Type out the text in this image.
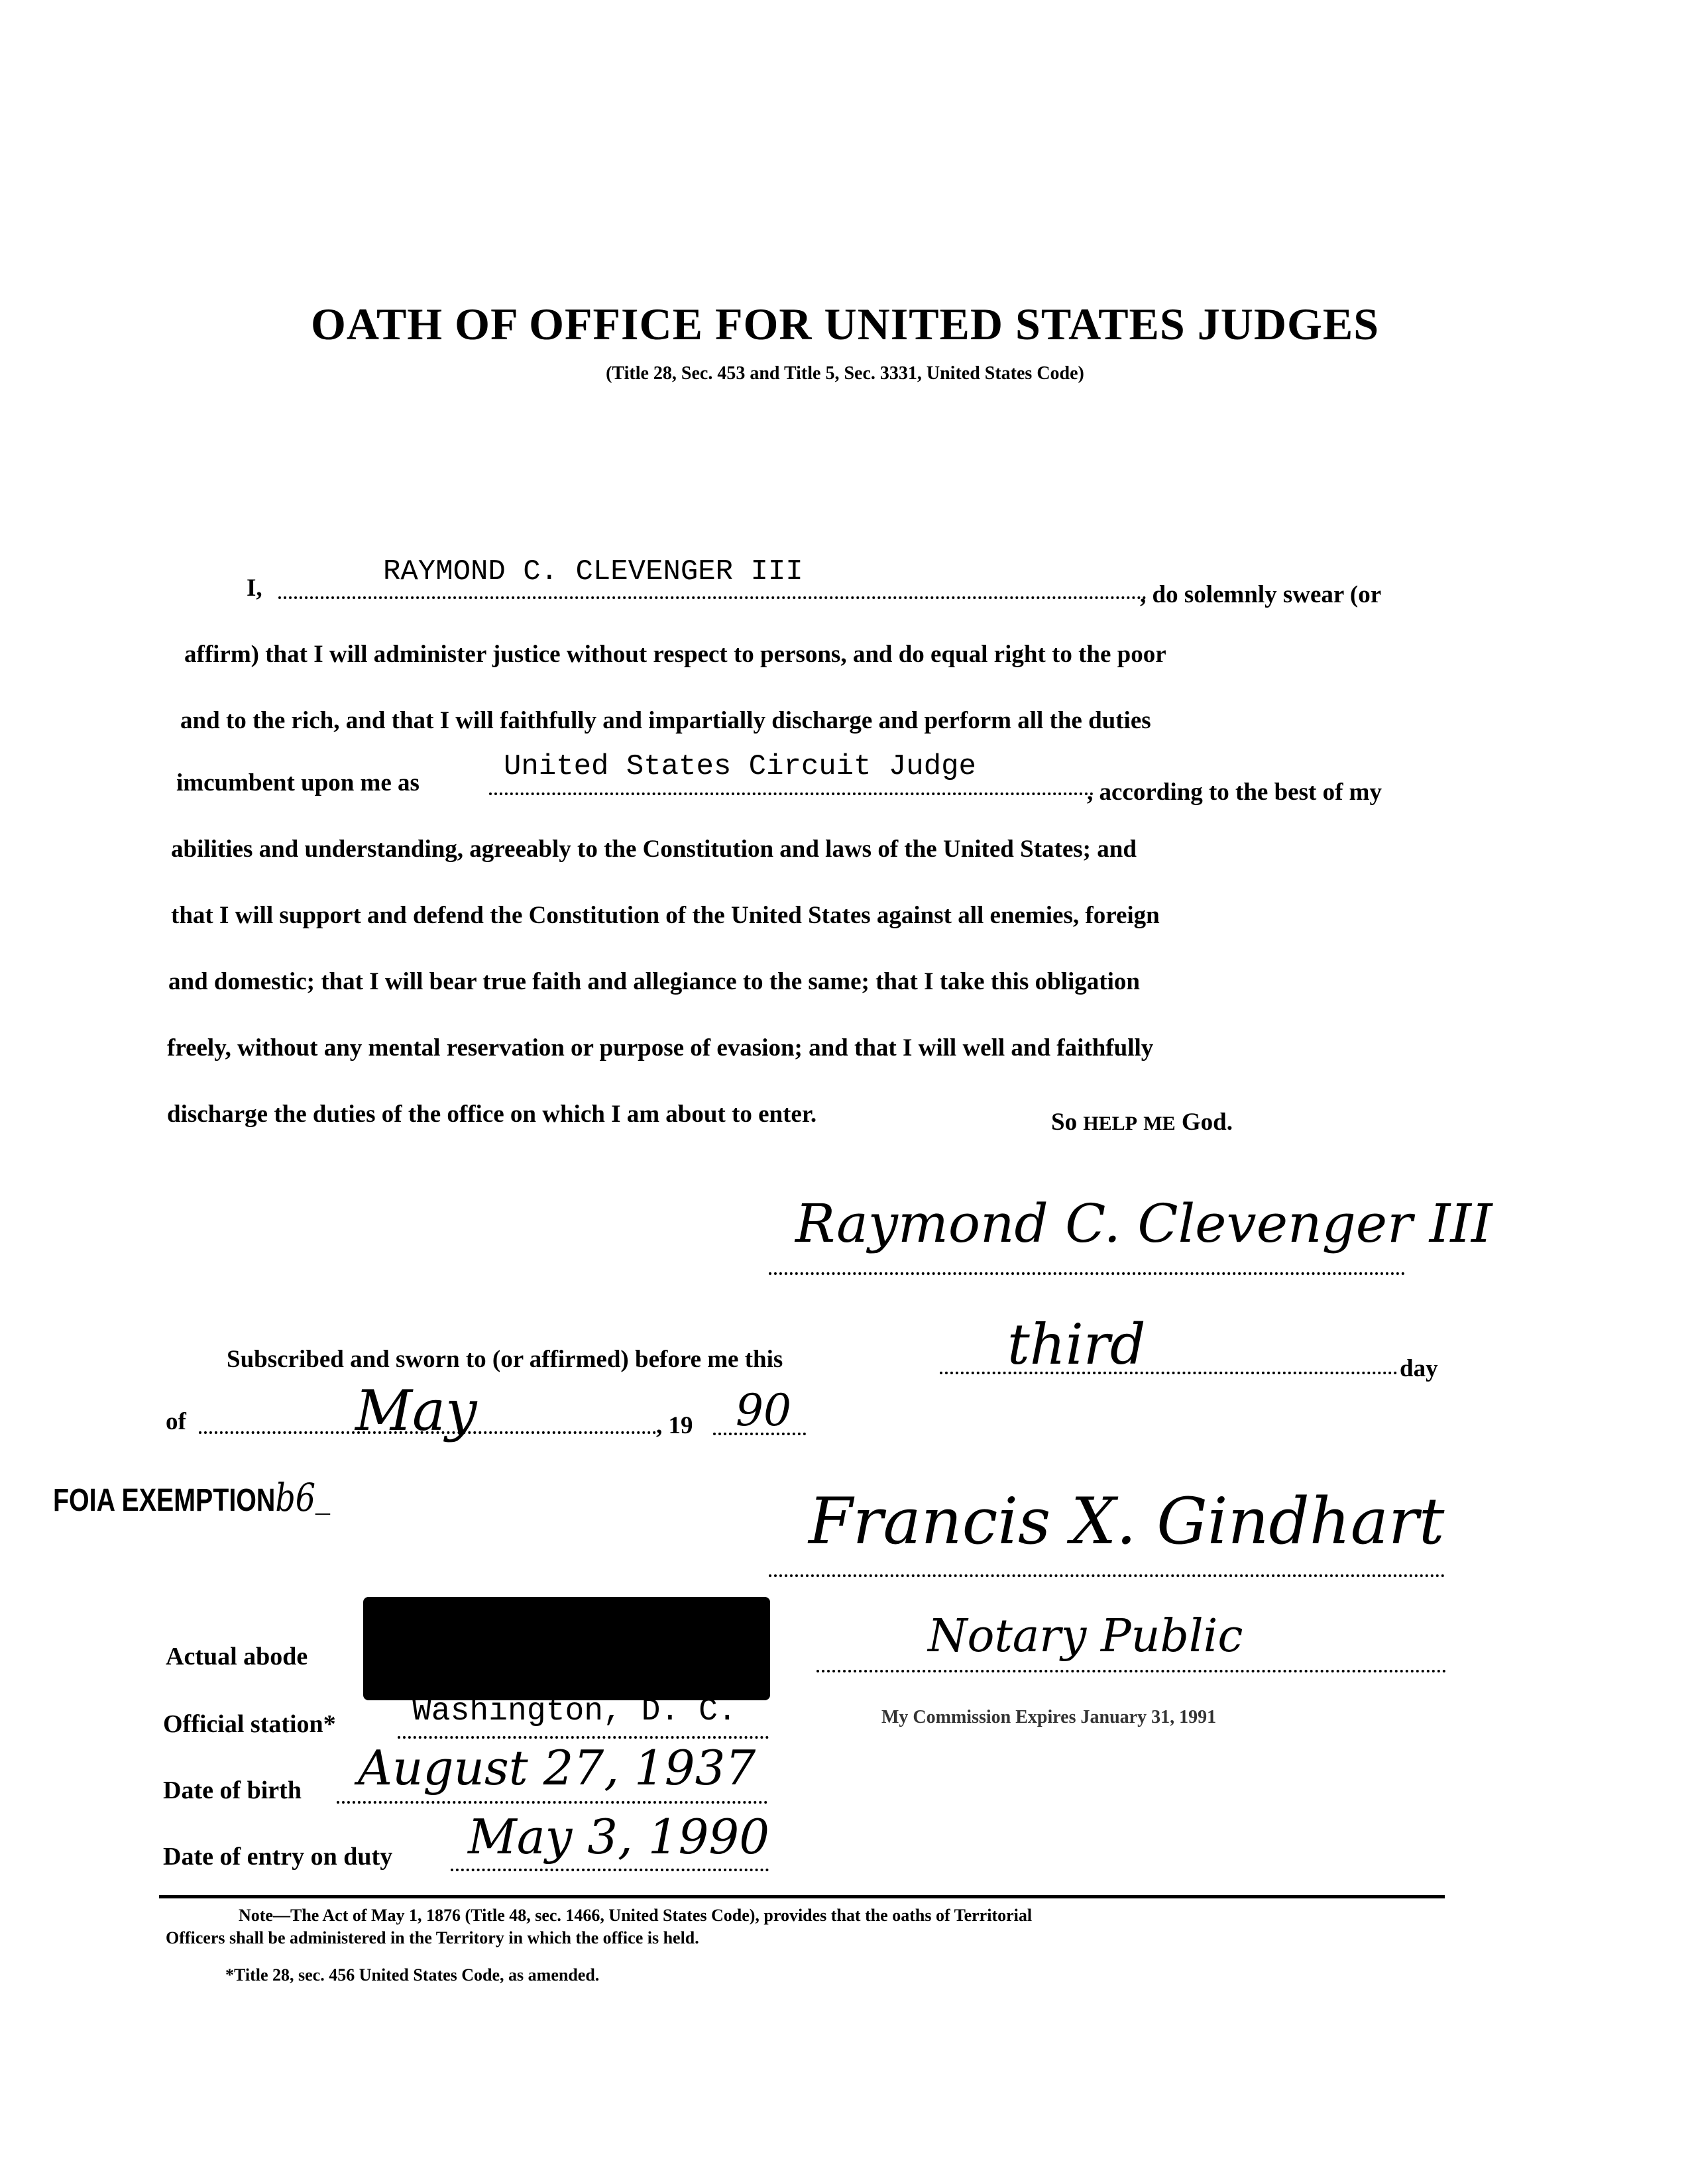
OATH OF OFFICE FOR UNITED STATES JUDGES
(Title 28, Sec. 453 and Title 5, Sec. 3331, United States Code)
I,	RAYMOND C. CLEVENGER III
, do solemnly swear (or
affirm) that I will administer justice without respect to persons, and do equal right to the poor
and to the rich, and that I will faithfully and impartially discharge and perform all the duties
imcumbent upon me as	United States Circuit Judge
, according to the best of my
abilities and understanding, agreeably to the Constitution and laws of the United States; and
that I will support and defend the Constitution of the United States against all enemies, foreign
and domestic; that I will bear true faith and allegiance to the same; that I take this obligation
freely, without any mental reservation or purpose of evasion; and that I will well and faithfully
discharge the duties of the office on which I am about to enter.	So HELP ME God.
Raymond C. Clevenger III
Subscribed and sworn to (or affirmed) before me this	third	day
of	May	, 19 90
FOIA EXEMPTIONb6_	Francis X. Gindhart
Notary Public
My Commission Expires January 31, 1991
Actual abode
Official station* Washington, D. C.
Date of birth August 27, 1937
Date of entry on duty May 3, 1990
Note—The Act of May 1, 1876 (Title 48, sec. 1466, United States Code), provides that the oaths of Territorial
Officers shall be administered in the Territory in which the office is held.
*Title 28, sec. 456 United States Code, as amended.
